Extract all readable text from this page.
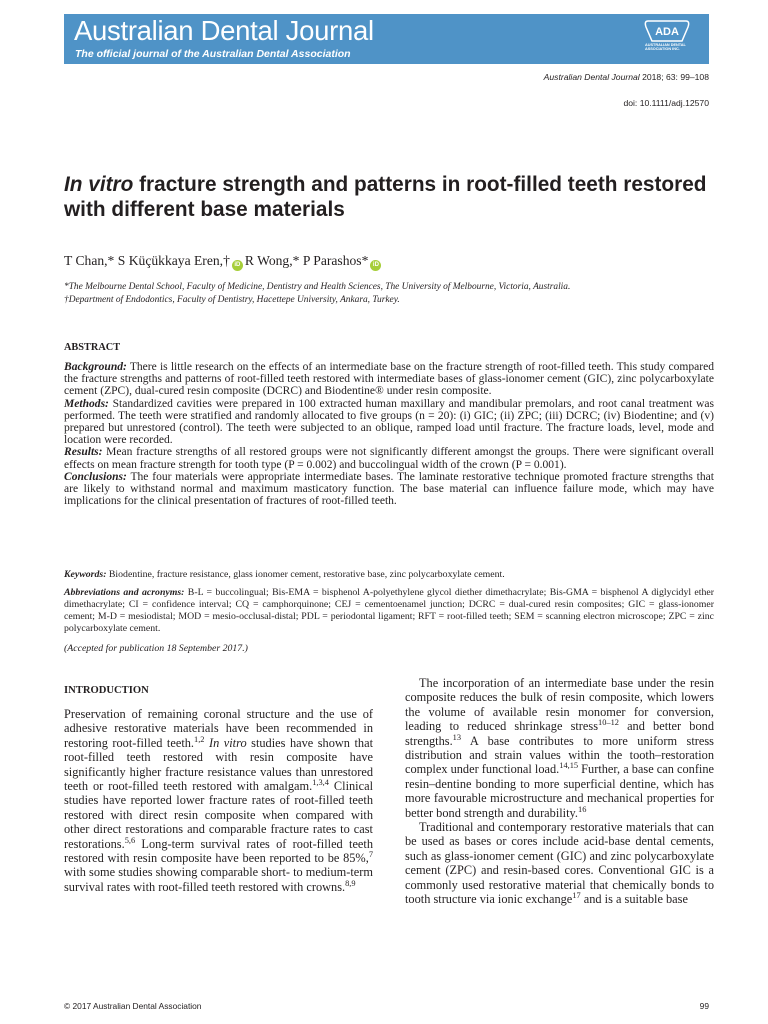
Australian Dental Journal
The official journal of the Australian Dental Association
ADA
AUSTRALIAN DENTAL ASSOCIATION INC.
Australian Dental Journal 2018; 63: 99–108
doi: 10.1111/adj.12570
In vitro fracture strength and patterns in root-filled teeth restored with different base materials
T Chan,* S Küçükkaya Eren,† iD R Wong,* P Parashos* iD
*The Melbourne Dental School, Faculty of Medicine, Dentistry and Health Sciences, The University of Melbourne, Victoria, Australia.
†Department of Endodontics, Faculty of Dentistry, Hacettepe University, Ankara, Turkey.
ABSTRACT

Background: There is little research on the effects of an intermediate base on the fracture strength of root-filled teeth. This study compared the fracture strengths and patterns of root-filled teeth restored with intermediate bases of glass-ionomer cement (GIC), zinc polycarboxylate cement (ZPC), dual-cured resin composite (DCRC) and Biodentine® under resin composite.

Methods: Standardized cavities were prepared in 100 extracted human maxillary and mandibular premolars, and root canal treatment was performed. The teeth were stratified and randomly allocated to five groups (n = 20): (i) GIC; (ii) ZPC; (iii) DCRC; (iv) Biodentine; and (v) prepared but unrestored (control). The teeth were subjected to an oblique, ramped load until fracture. The fracture loads, level, mode and location were recorded.

Results: Mean fracture strengths of all restored groups were not significantly different amongst the groups. There were significant overall effects on mean fracture strength for tooth type (P = 0.002) and buccolingual width of the crown (P = 0.001).

Conclusions: The four materials were appropriate intermediate bases. The laminate restorative technique promoted fracture strengths that are likely to withstand normal and maximum masticatory function. The base material can influence failure mode, which may have implications for the clinical presentation of fractures of root-filled teeth.

Keywords: Biodentine, fracture resistance, glass ionomer cement, restorative base, zinc polycarboxylate cement.
Abbreviations and acronyms: B-L = buccolingual; Bis-EMA = bisphenol A-polyethylene glycol diether dimethacrylate; Bis-GMA = bisphenol A diglycidyl ether dimethacrylate; CI = confidence interval; CQ = camphorquinone; CEJ = cementoenamel junction; DCRC = dual-cured resin composites; GIC = glass-ionomer cement; M-D = mesiodistal; MOD = mesio-occlusal-distal; PDL = periodontal ligament; RFT = root-filled teeth; SEM = scanning electron microscope; ZPC = zinc polycarboxylate cement.
(Accepted for publication 18 September 2017.)
INTRODUCTION

Preservation of remaining coronal structure and the use of adhesive restorative materials have been recommended in restoring root-filled teeth.$^{1,2}$ In vitro studies have shown that root-filled teeth restored with resin composite have significantly higher fracture resistance values than unrestored teeth or root-filled teeth restored with amalgam.$^{1,3,4}$ Clinical studies have reported lower fracture rates of root-filled teeth restored with direct resin composite when compared with other direct restorations and comparable fracture rates to cast restorations.$^{5,6}$ Long-term survival rates of root-filled teeth restored with resin composite have been reported to be 85%,$^7$ with some studies showing comparable short- to medium-term survival rates with root-filled teeth restored with crowns.$^{8,9}$

The incorporation of an intermediate base under the resin composite reduces the bulk of resin composite, which lowers the volume of available resin monomer for conversion, leading to reduced shrinkage stress$^{10-12}$ and better bond strengths.$^{13}$ A base contributes to more uniform stress distribution and strain values within the tooth–restoration complex under functional load.$^{14,15}$ Further, a base can confine resin–dentine bonding to more superficial dentine, which has more favourable microstructure and mechanical properties for better bond strength and durability.$^{16}$

Traditional and contemporary restorative materials that can be used as bases or cores include acid-base dental cements, such as glass-ionomer cement (GIC) and zinc polycarboxylate cement (ZPC) and resin-based cores. Conventional GIC is a commonly used restorative material that chemically bonds to tooth structure via ionic exchange$^{17}$ and is a suitable base

© 2017 Australian Dental Association	99
